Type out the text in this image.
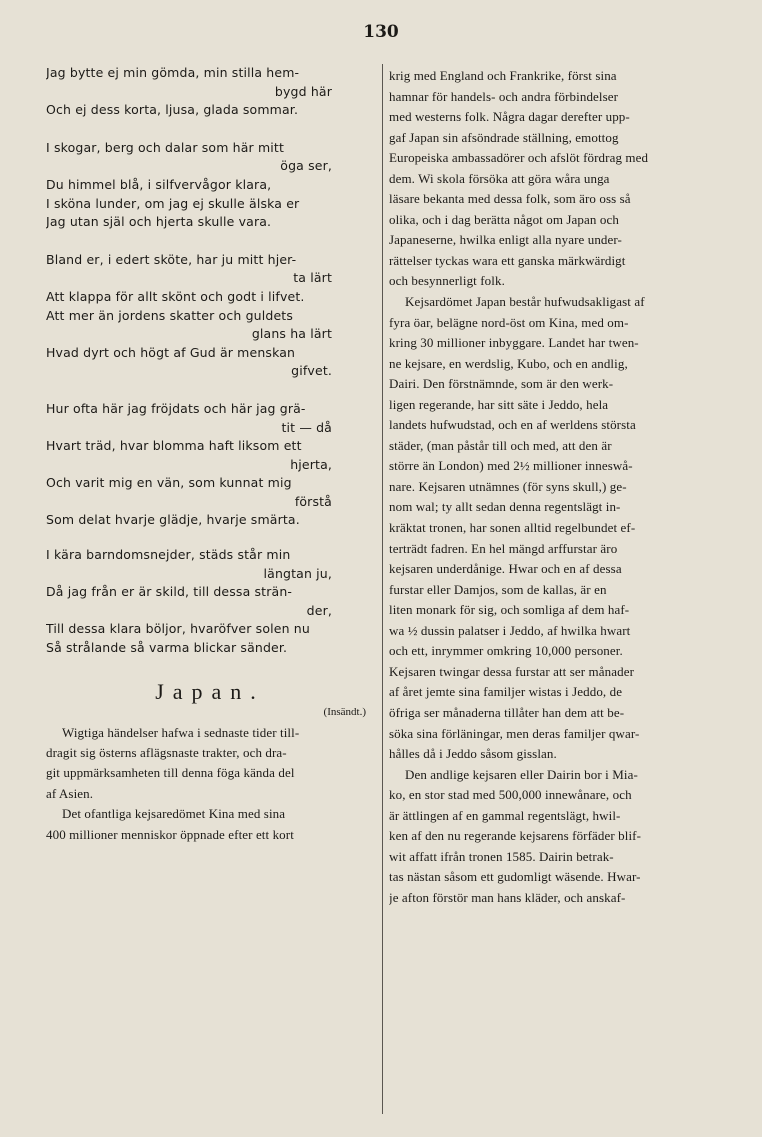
130
Jag bytte ej min gömda, min stilla hem-
bygd här
Och ej dess korta, ljusa, glada sommar.
I skogar, berg och dalar som här mitt
öga ser,
Du himmel blå, i silfvervågor klara,
I sköna lunder, om jag ej skulle älska er
Jag utan själ och hjerta skulle vara.
Bland er, i edert sköte, har ju mitt hjer-
ta lärt
Att klappa för allt skönt och godt i lifvet.
Att mer än jordens skatter och guldets
glans ha lärt
Hvad dyrt och högt af Gud är menskan
gifvet.
Hur ofta här jag fröjdats och här jag grä-
tit — då
Hvart träd, hvar blomma haft liksom ett
hjerta,
Och varit mig en vän, som kunnat mig
förstå
Som delat hvarje glädje, hvarje smärta.
I kära barndomsnejder, städs står min
längtan ju,
Då jag från er är skild, till dessa strän-
der,
Till dessa klara böljor, hvaröfver solen nu
Så strålande så varma blickar sänder.
Japan.
(Insändt.)
Wigtiga händelser hafwa i sednaste tider till-
dragit sig österns aflägsnaste trakter, och dra-
git uppmärksamheten till denna föga kända del
af Asien.
Det ofantliga kejsaredömet Kina med sina
400 millioner menniskor öppnade efter ett kort
krig med England och Frankrike, först sina
hamnar för handels- och andra förbindelser
med westerns folk. Några dagar derefter upp-
gaf Japan sin afsöndrade ställning, emottog
Europeiska ambassadörer och afslöt fördrag med
dem. Wi skola försöka att göra wåra unga
läsare bekanta med dessa folk, som äro oss så
olika, och i dag berätta något om Japan och
Japaneserne, hwilka enligt alla nyare under-
rättelser tyckas wara ett ganska märkwärdigt
och besynnerligt folk.
Kejsardömet Japan består hufwudsakligast af
fyra öar, belägne nord-öst om Kina, med om-
kring 30 millioner inbyggare. Landet har twen-
ne kejsare, en werdslig, Kubo, och en andlig,
Dairi. Den förstnämnde, som är den werk-
ligen regerande, har sitt säte i Jeddo, hela
landets hufwudstad, och en af werldens största
städer, (man påstår till och med, att den är
större än London) med 2½ millioner inneswå-
nare. Kejsaren utnämnes (för syns skull,) ge-
nom wal; ty allt sedan denna regentslägt in-
kräktat tronen, har sonen alltid regelbundet ef-
terträdt fadren. En hel mängd arffurstar äro
kejsaren underdånige. Hwar och en af dessa
furstar eller Damjos, som de kallas, är en
liten monark för sig, och somliga af dem haf-
wa ½ dussin palatser i Jeddo, af hwilka hwart
och ett, inrymmer omkring 10,000 personer.
Kejsaren twingar dessa furstar att ser månader
af året jemte sina familjer wistas i Jeddo, de
öfriga ser månaderna tillåter han dem att be-
söka sina förläningar, men deras familjer qwar-
hålles då i Jeddo såsom gisslan.
Den andlige kejsaren eller Dairin bor i Mia-
ko, en stor stad med 500,000 innewånare, och
är ättlingen af en gammal regentslägt, hwil-
ken af den nu regerande kejsarens förfäder blif-
wit affatt ifrån tronen 1585. Dairin betrak-
tas nästan såsom ett gudomligt wäsende. Hwar-
je afton förstör man hans kläder, och anskaf-
